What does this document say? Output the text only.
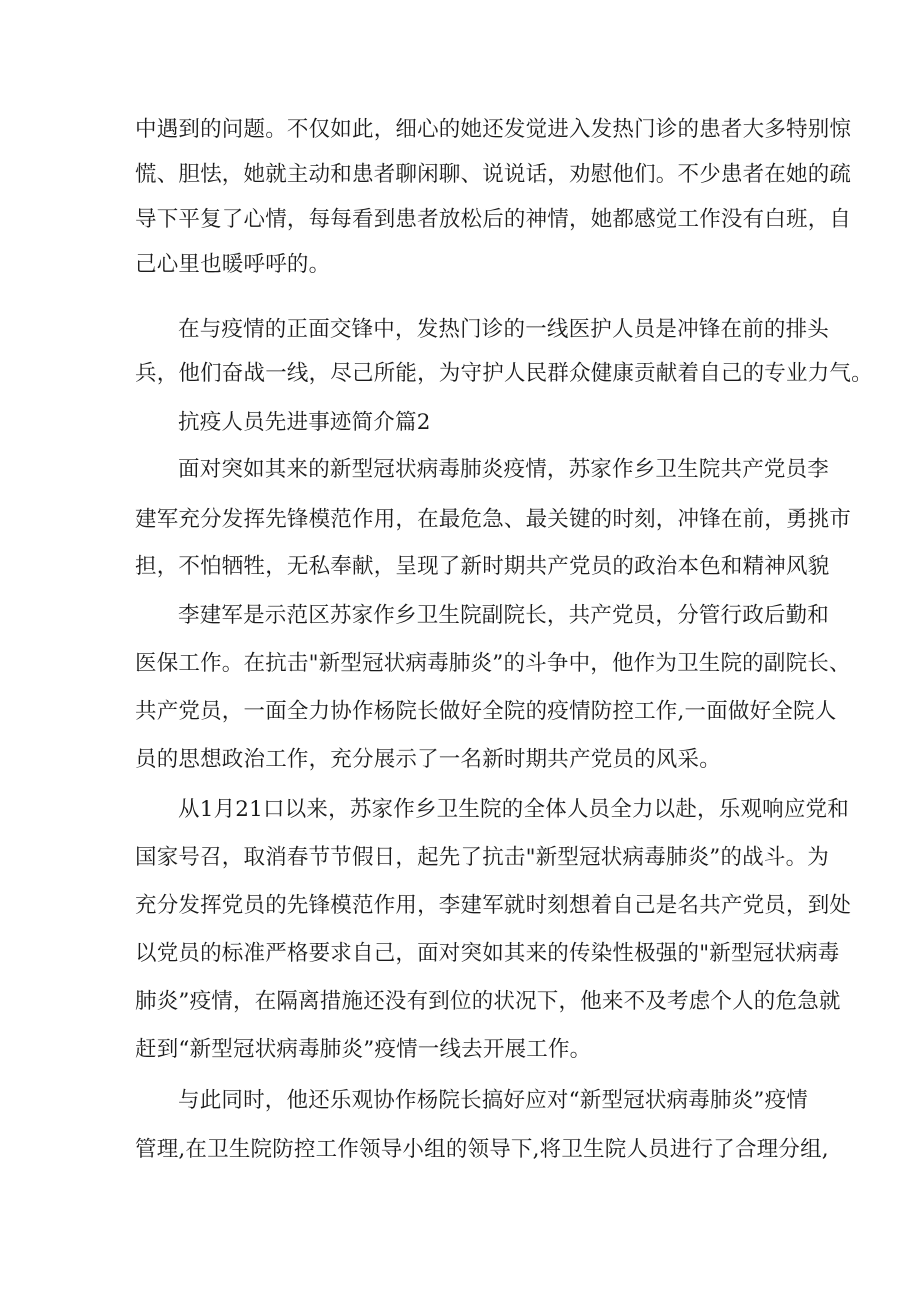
中遇到的问题。不仅如此，细心的她还发觉进入发热门诊的患者大多特别惊
慌、胆怯，她就主动和患者聊闲聊、说说话，劝慰他们。不少患者在她的疏
导下平复了心情，每每看到患者放松后的神情，她都感觉工作没有白班，自
己心里也暖呼呼的。
在与疫情的正面交锋中，发热门诊的一线医护人员是冲锋在前的排头
兵，他们奋战一线，尽己所能，为守护人民群众健康贡献着自己的专业力气。
抗疫人员先进事迹简介篇2
面对突如其来的新型冠状病毒肺炎疫情，苏家作乡卫生院共产党员李
建军充分发挥先锋模范作用，在最危急、最关键的时刻，冲锋在前，勇挑市
担，不怕牺牲，无私奉献，呈现了新时期共产党员的政治本色和精神风貌
李建军是示范区苏家作乡卫生院副院长，共产党员，分管行政后勤和
医保工作。在抗击"新型冠状病毒肺炎”的斗争中，他作为卫生院的副院长、
共产党员，一面全力协作杨院长做好全院的疫情防控工作,一面做好全院人
员的思想政治工作，充分展示了一名新时期共产党员的风采。
从1月21口以来，苏家作乡卫生院的全体人员全力以赴，乐观响应党和
国家号召，取消春节节假日，起先了抗击"新型冠状病毒肺炎”的战斗。为
充分发挥党员的先锋模范作用，李建军就时刻想着自己是名共产党员，到处
以党员的标准严格要求自己，面对突如其来的传染性极强的"新型冠状病毒
肺炎”疫情，在隔离措施还没有到位的状况下，他来不及考虑个人的危急就
赶到“新型冠状病毒肺炎”疫情一线去开展工作。
与此同时，他还乐观协作杨院长搞好应对“新型冠状病毒肺炎”疫情
管理,在卫生院防控工作领导小组的领导下,将卫生院人员进行了合理分组,
